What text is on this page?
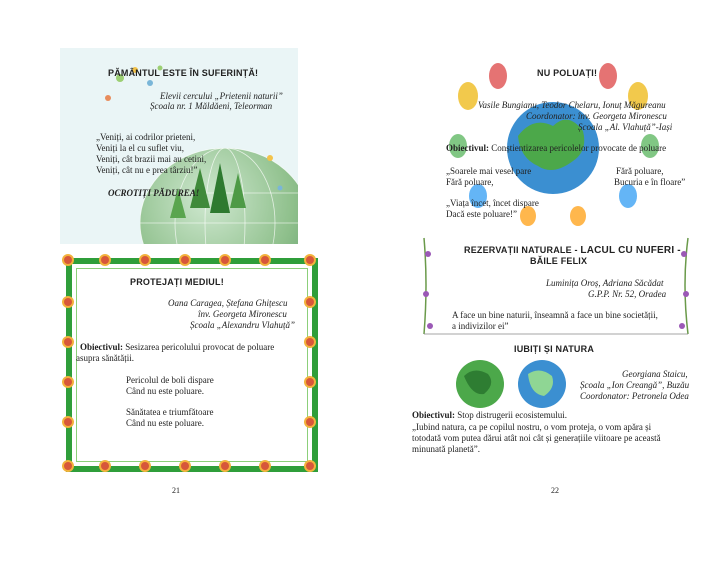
PĂMÂNTUL ESTE ÎN SUFERINȚĂ!
Elevii cercului „Prietenii naturii”
Școala nr. 1 Măldăeni, Teleorman
„Veniți, ai codrilor prieteni,
Veniți la el cu suflet viu,
Veniți, cât brazii mai au cetini,
Veniți, cât nu e prea târziu!”
OCROTIȚI PĂDUREA!
PROTEJAȚI MEDIUL!
Oana Caragea, Ștefana Ghițescu
înv. Georgeta Mironescu
Școala „Alexandru Vlahuță”
Obiectivul: Sesizarea pericolului provocat de poluare
asupra sănătății.
Pericolul de boli dispare
Când nu este poluare.
Sănătatea e triumfătoare
Când nu este poluare.
21
NU POLUAȚI!
Vasile Bungianu, Teodor Chelaru, Ionuț Măgureanu
Coordonator: înv. Georgeta Mironescu
Școala „Al. Vlahuță”-Iași
Obiectivul: Conștientizarea pericolelor provocate de poluare
„Soarele mai vesel pare
Fără poluare,
Fără poluare,
Bucuria e în floare”
„Viața încet, încet dispare
Dacă este poluare!”
REZERVAȚII NATURALE - LACUL CU NUFERI -
BĂILE FELIX
Luminița Oroș, Adriana Săcădat
G.P.P. Nr. 52, Oradea
A face un bine naturii, înseamnă a face un bine societății,
a indivizilor ei”
IUBIȚI ȘI NATURA
Georgiana Staicu,
Școala „Ion Creangă”, Buzău
Coordonator: Petronela Odea
Obiectivul: Stop distrugerii ecosistemului.
„Iubind natura, ca pe copilul nostru, o vom proteja, o vom apăra și
totodată vom putea dărui atât noi cât și generațiile viitoare pe această
minunată planetă”.
22
